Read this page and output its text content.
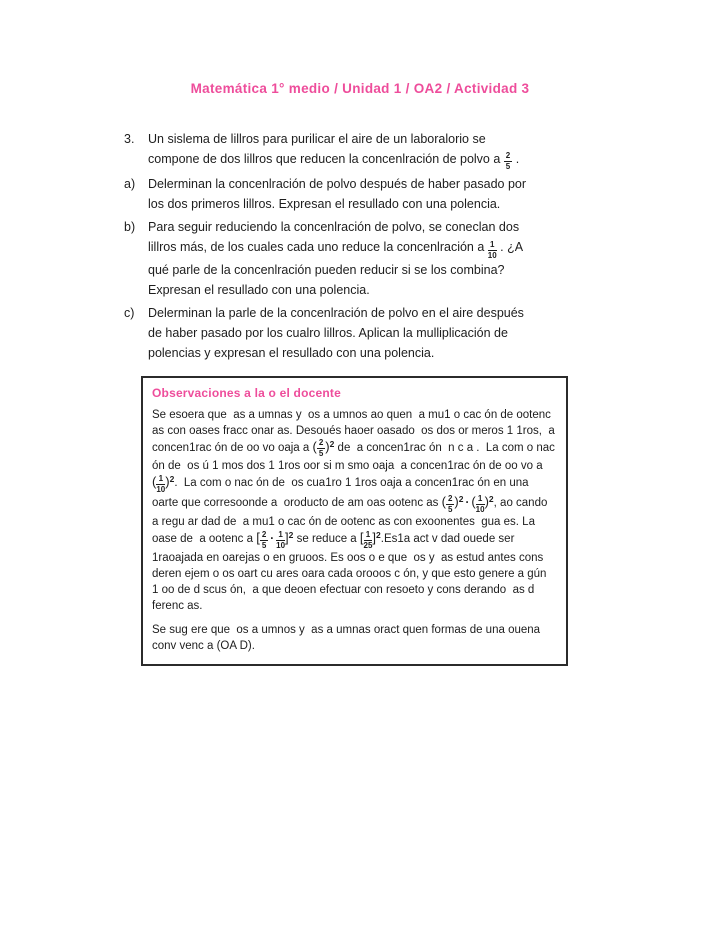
Matemática 1° medio / Unidad 1 / OA2 / Actividad 3
3.	Un sislema de lillros para purilicar el aire de un laboralorio se
compone de dos lillros que reducen la concenlración de polvo a $\frac{2}{5}$ .
a)	Delerminan la concenlración de polvo después de haber pasado por
los dos primeros lillros. Expresan el resullado con una polencia.
b)	Para seguir reduciendo la concenlración de polvo, se coneclan dos
lillros más, de los cuales cada uno reduce la concenlración a $\frac{1}{10}$ . ¿A
qué parle de la concenlración pueden reducir si se los combina?
Expresan el resullado con una polencia.
c)	Delerminan la parle de la concenlración de polvo en el aire después
de haber pasado por los cualro lillros. Aplican la mulliplicación de
polencias y expresan el resullado con una polencia.
Observaciones a la o el docente

Se esoera que  as a umnas y  os a umnos ao quen  a mu1 o cac ón de ootenc as con oases fracc onar as. Desoués haoer oasado  os dos or meros 1 1ros,  a concen1rac ón de oo vo oaja a ( $\frac{2}{5} )^2$ de  a concen1rac ón  n c a .  La com o nac ón de  os ú 1 mos dos 1 1ros oor si m smo oaja  a concen1rac ón de oo vo a ( $\frac{1}{10} )^2$.  La com o nac ón de  os cua1ro 1 1ros oaja a concen1rac ón en una oarte que corresoonde a  oroducto de am oas ootenc as ( $\frac{2}{5} )^2$ · ( $\frac{1}{10} )^2$, ao cando  a regu ar dad de  a mu1 o cac ón de ootenc as con exoonentes  gua es. La oase de  a ootenc a [ $\frac{2}{5} \cdot \frac{1}{10} ]^2$ se reduce a [ $\frac{1}{25} ]^2.Es1a$ act v dad ouede ser 1raoajada en oarejas o en gruoos. Es oos o e que  os y  as estud antes cons deren ejem o os oart cu ares oara cada orooos c ón, y que esto genere a gún 1 oo de d scus ón,  a que deoen efectuar con resoeto y cons derando  as d ferenc as.

Se sug ere que  os a umnos y  as a umnas oract quen formas de una ouena conv venc a (OA D).
